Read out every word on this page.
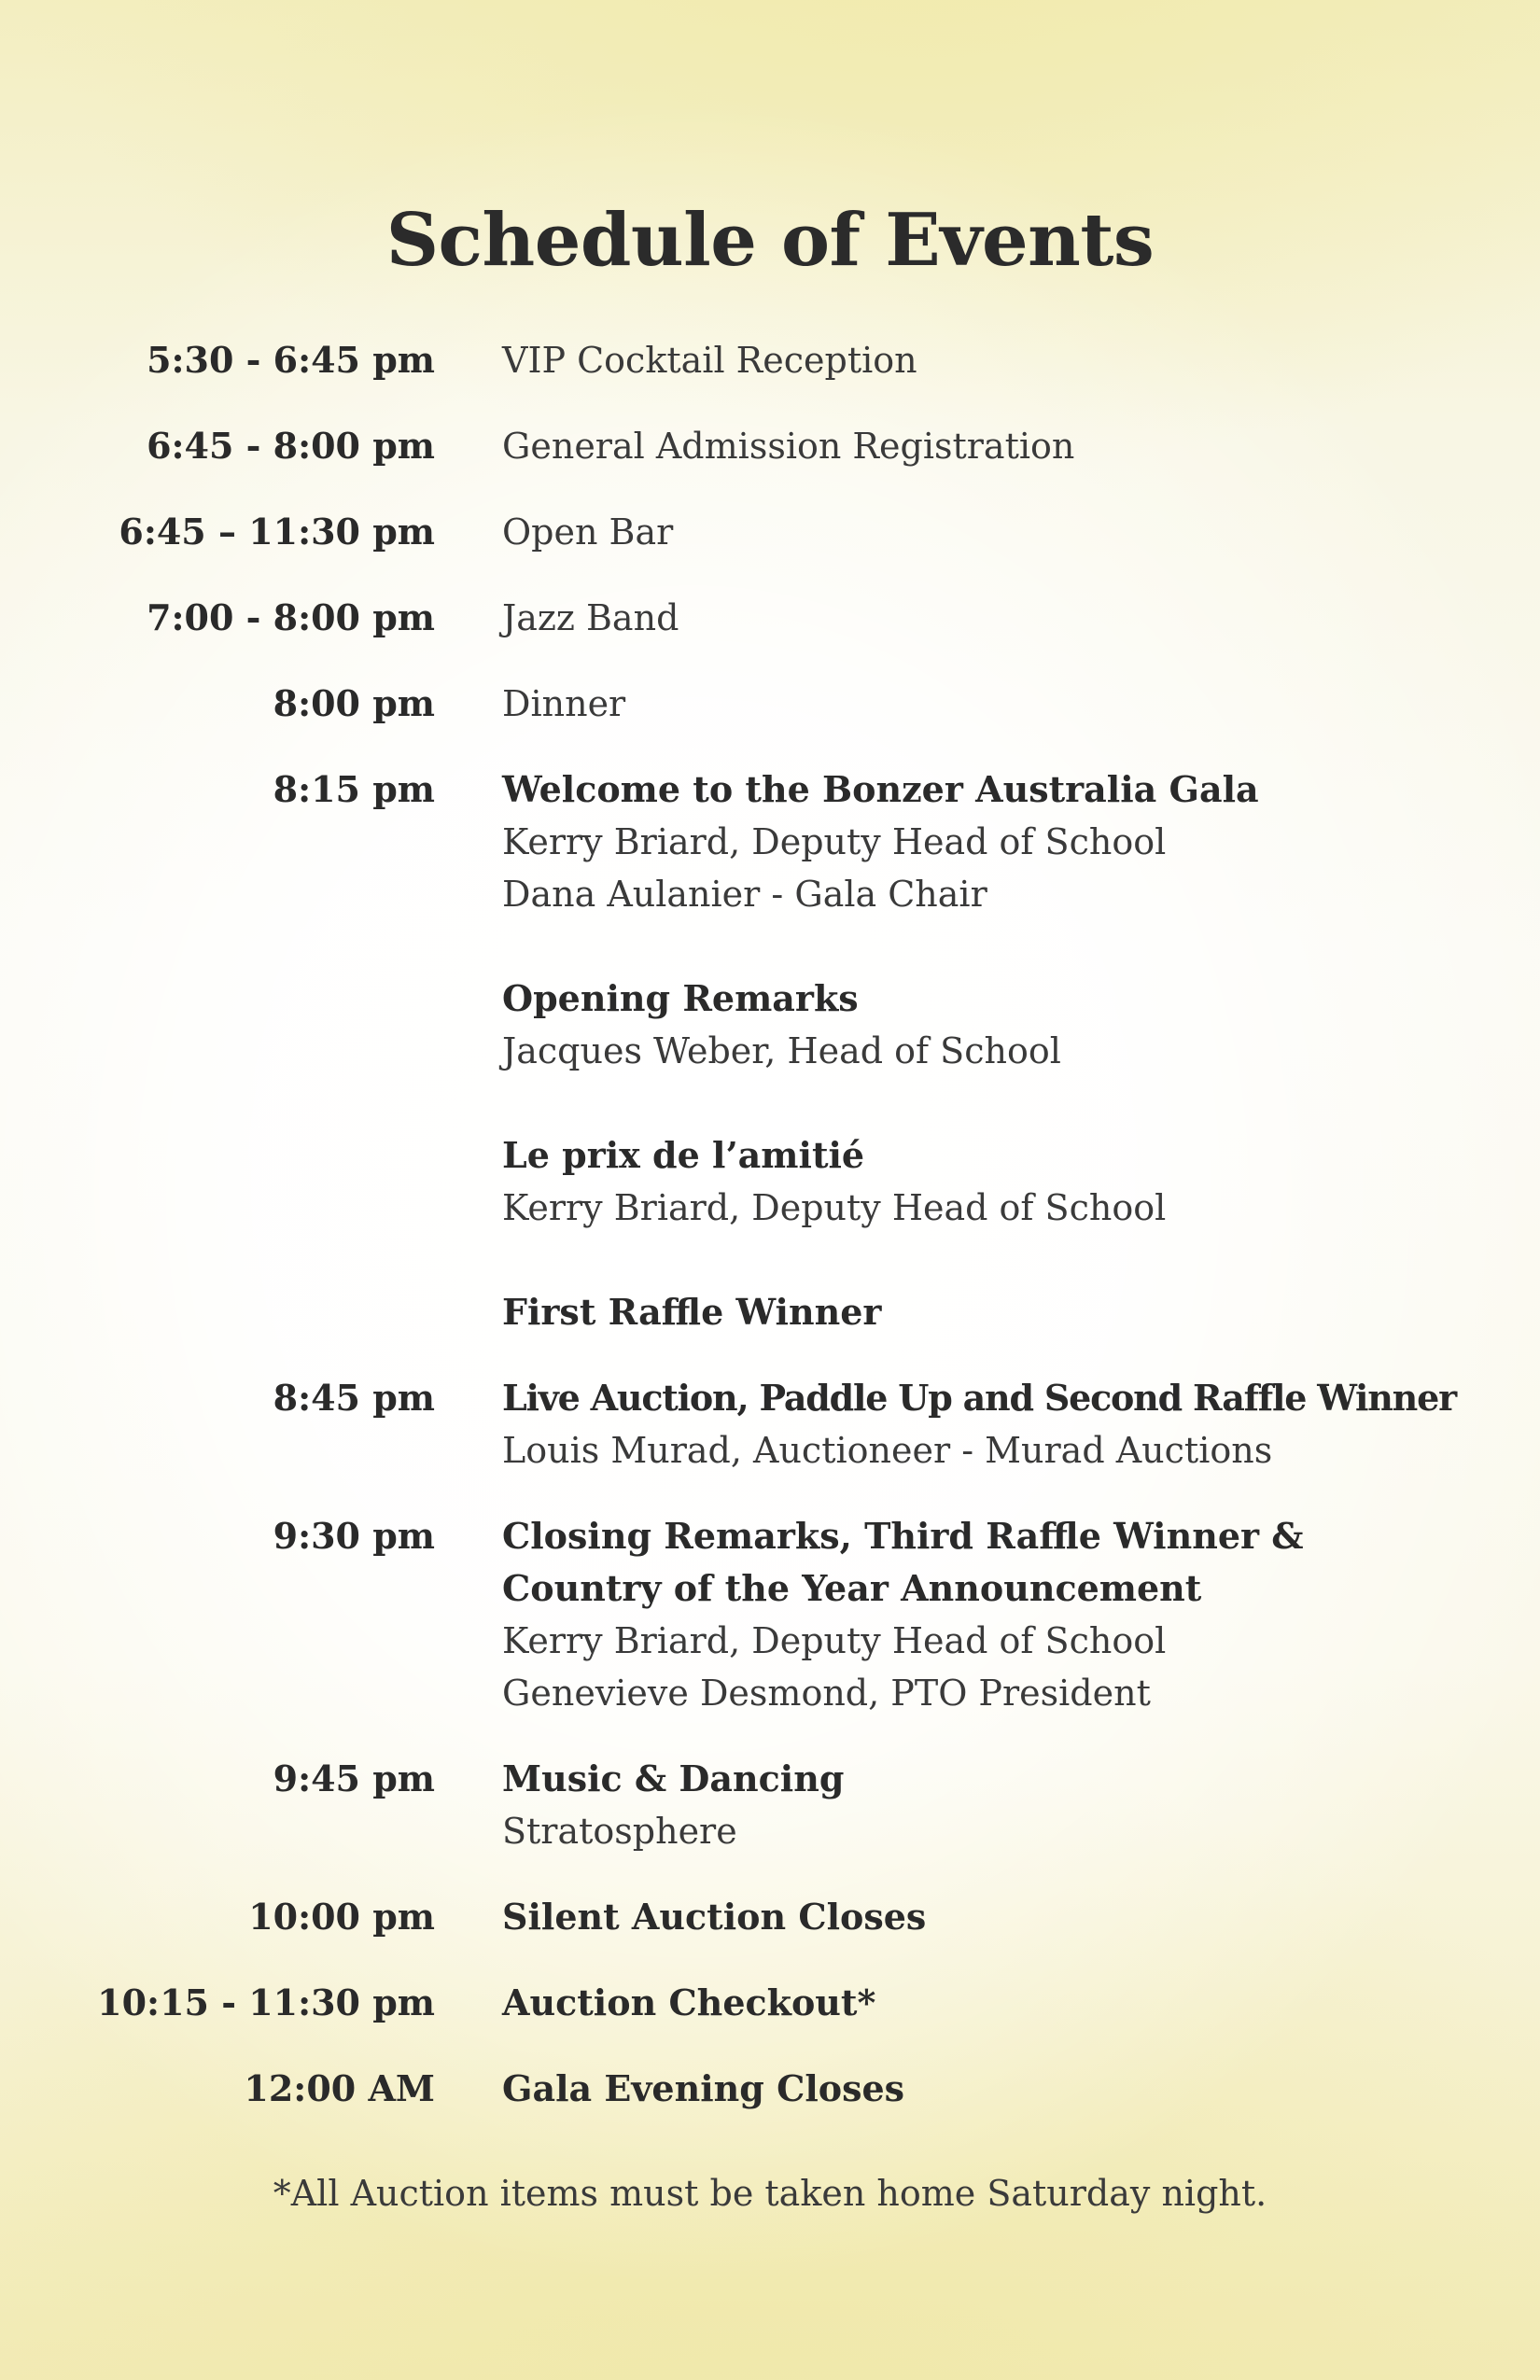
Schedule of Events
5:30 - 6:45 pm VIP Cocktail Reception
6:45 - 8:00 pm General Admission Registration
6:45 – 11:30 pm Open Bar
7:00 - 8:00 pm Jazz Band
8:00 pm Dinner
8:15 pm Welcome to the Bonzer Australia Gala
Kerry Briard, Deputy Head of School
Dana Aulanier - Gala Chair
Opening Remarks
Jacques Weber, Head of School
Le prix de l’amitié
Kerry Briard, Deputy Head of School
First Raffle Winner
8:45 pm Live Auction, Paddle Up and Second Raffle Winner
Louis Murad, Auctioneer - Murad Auctions
9:30 pm Closing Remarks, Third Raffle Winner & Country of the Year Announcement
Kerry Briard, Deputy Head of School
Genevieve Desmond, PTO President
9:45 pm Music & Dancing
Stratosphere
10:00 pm Silent Auction Closes
10:15 - 11:30 pm Auction Checkout*
12:00 AM Gala Evening Closes
*All Auction items must be taken home Saturday night.
